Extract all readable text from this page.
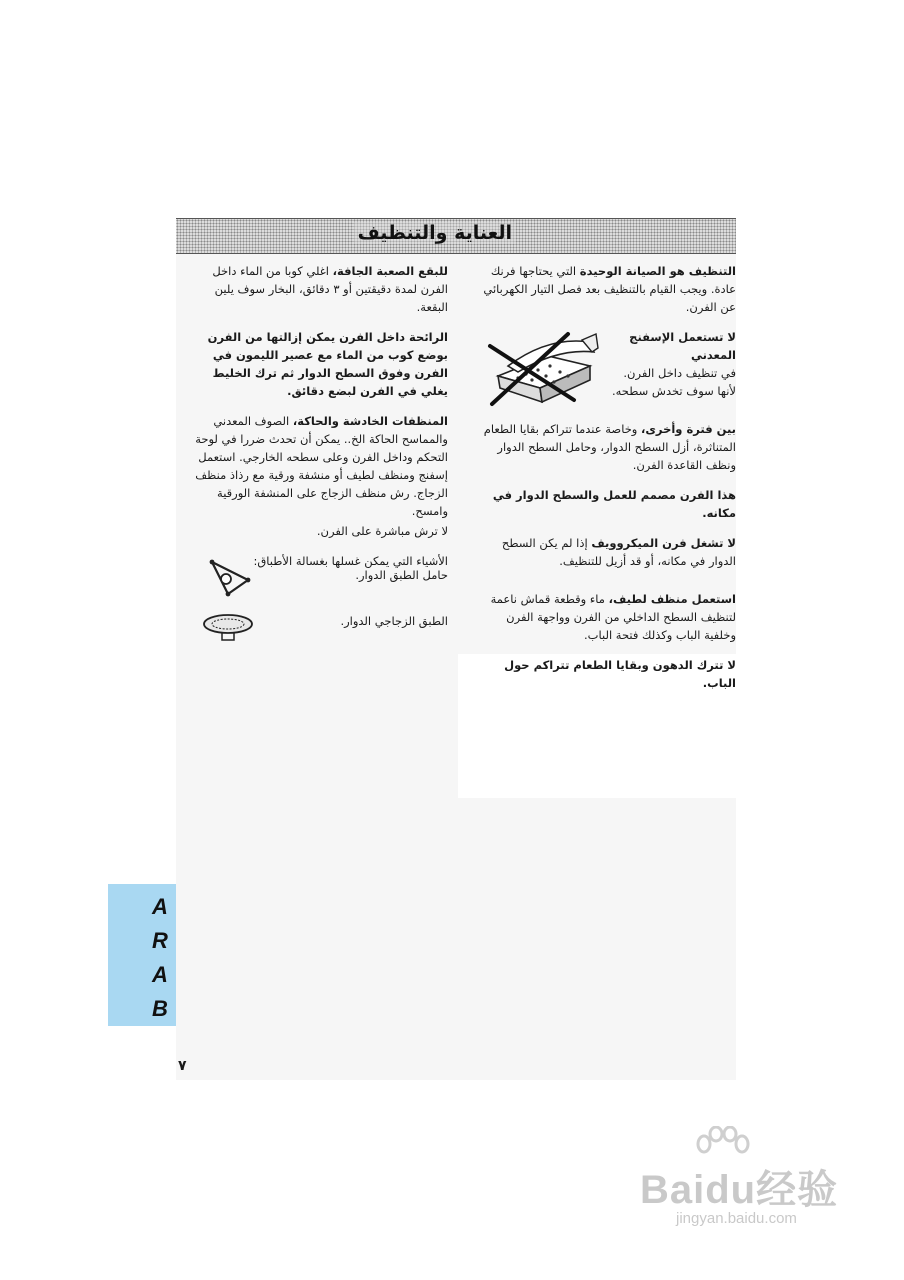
العناية والتنظيف

التنظيف هو الصيانة الوحيدة التي يحتاجها فرنك عادة. ويجب القيام بالتنظيف بعد فصل التيار الكهربائي عن الفرن.

لا تستعمل الإسفنج المعدني
في تنظيف داخل الفرن. لأنها سوف تخدش سطحه.

بين فترة وأخرى، وخاصة عندما تتراكم بقايا الطعام المتناثرة، أزل السطح الدوار، وحامل السطح الدوار ونظف القاعدة الفرن.

هذا الفرن مصمم للعمل والسطح الدوار في مكانه.

لا تشغل فرن الميكروويف إذا لم يكن السطح الدوار في مكانه، أو قد أزيل للتنظيف.

استعمل منظف لطيف، ماء وقطعة قماش ناعمة لتنظيف السطح الداخلي من الفرن وواجهة الفرن وخلفية الباب وكذلك فتحة الباب.

لا تترك الدهون وبقايا الطعام تتراكم حول الباب.

للبقع الصعبة الجافة، اغلي كوبا من الماء داخل الفرن لمدة دقيقتين أو ٣ دقائق، البخار سوف يلين البقعة.

الرائحة داخل الفرن يمكن إزالتها من الفرن بوضع كوب من الماء مع عصير الليمون في الفرن وفوق السطح الدوار ثم ترك الخليط يغلي في الفرن لبضع دقائق.

المنظفات الخادشة والحاكة، الصوف المعدني والمماسح الحاكة الخ.. يمكن أن تحدث ضررا في لوحة التحكم وداخل الفرن وعلى سطحه الخارجي. استعمل إسفنج ومنظف لطيف أو منشفة ورقية مع رذاذ منظف الزجاج. رش منظف الزجاج على المنشفة الورقية وامسح.

لا ترش مباشرة على الفرن.

الأشياء التي يمكن غسلها بغسالة الأطباق:

حامل الطبق الدوار.
الطبق الزجاجي الدوار.
A
R
A
B
٧
Baidu经验
jingyan.baidu.com
